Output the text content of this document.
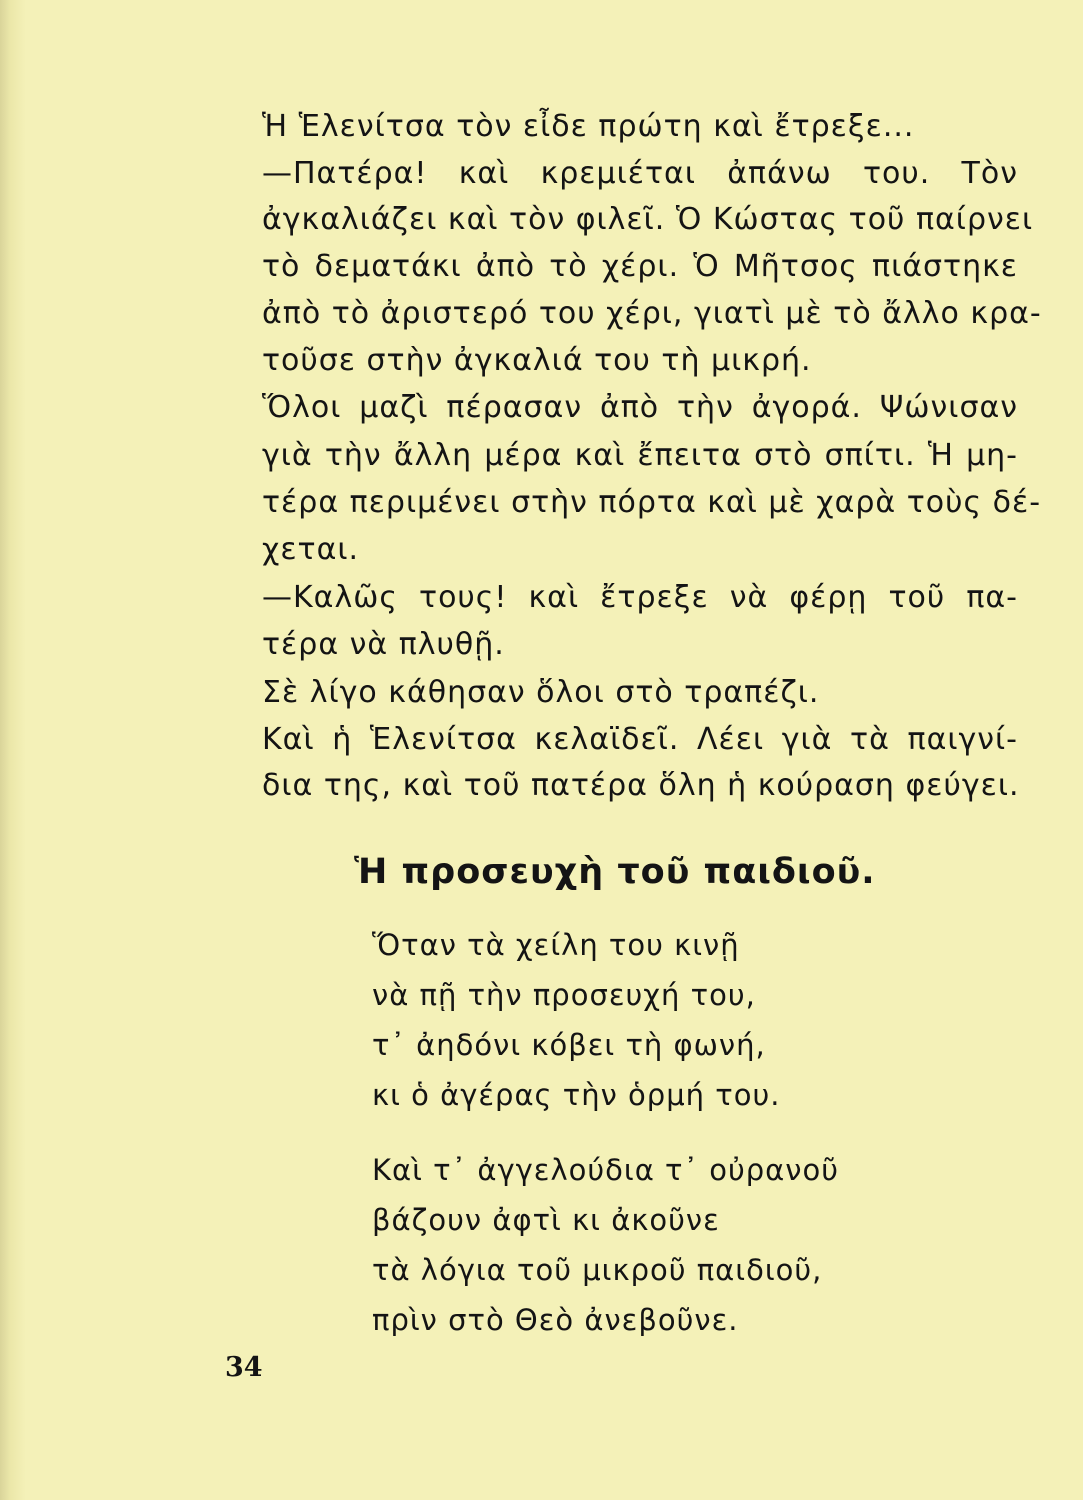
Ἡ Ἑλενίτσα τὸν εἶδε πρώτη καὶ ἔτρεξε...
—Πατέρα! καὶ κρεμιέται ἀπάνω του. Τὸν
ἀγκαλιάζει καὶ τὸν φιλεῖ. Ὁ Κώστας τοῦ παίρνει
τὸ δεματάκι ἀπὸ τὸ χέρι. Ὁ Μῆτσος πιάστηκε
ἀπὸ τὸ ἀριστερό του χέρι, γιατὶ μὲ τὸ ἄλλο κρα-
τοῦσε στὴν ἀγκαλιά του τὴ μικρή.
Ὅλοι μαζὶ πέρασαν ἀπὸ τὴν ἀγορά. Ψώνισαν
γιὰ τὴν ἄλλη μέρα καὶ ἔπειτα στὸ σπίτι. Ἡ μη-
τέρα περιμένει στὴν πόρτα καὶ μὲ χαρὰ τοὺς δέ-
χεται.
—Καλῶς τους! καὶ ἔτρεξε νὰ φέρῃ τοῦ πα-
τέρα νὰ πλυθῇ.
Σὲ λίγο κάθησαν ὅλοι στὸ τραπέζι.
Καὶ ἡ Ἑλενίτσα κελαϊδεῖ. Λέει γιὰ τὰ παιγνί-
δια της, καὶ τοῦ πατέρα ὅλη ἡ κούραση φεύγει.
Ἡ προσευχὴ τοῦ παιδιοῦ.
Ὅταν τὰ χείλη του κινῇ
νὰ πῇ τὴν προσευχή του,
τ᾿ ἀηδόνι κόβει τὴ φωνή,
κι ὁ ἀγέρας τὴν ὁρμή του.
Καὶ τ᾿ ἀγγελούδια τ᾿ οὐρανοῦ
βάζουν ἀφτὶ κι ἀκοῦνε
τὰ λόγια τοῦ μικροῦ παιδιοῦ,
πρὶν στὸ Θεὸ ἀνεβοῦνε.
34
